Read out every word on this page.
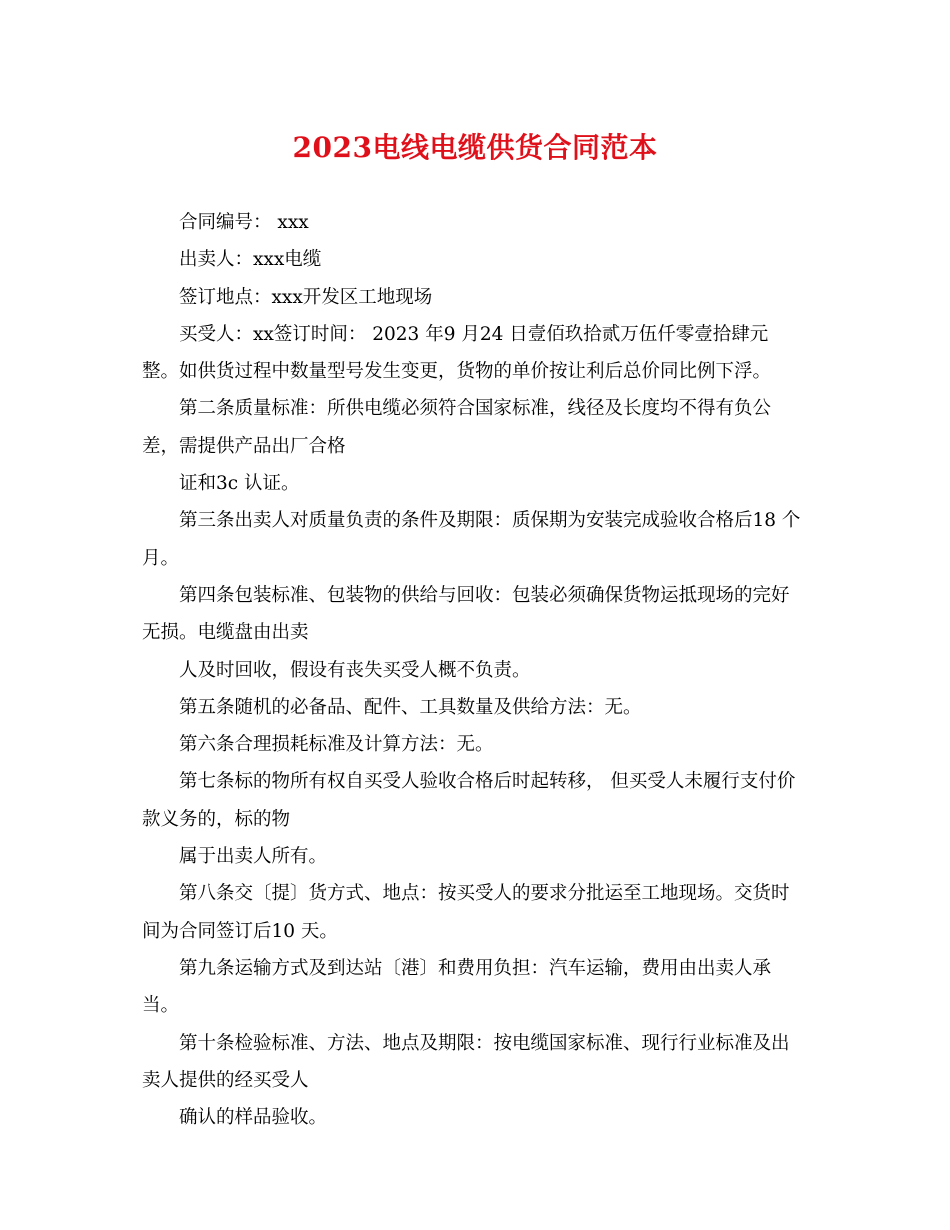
2023电线电缆供货合同范本
合同编号： xxx
出卖人：xxx电缆
签订地点：xxx开发区工地现场
买受人：xx签订时间： 2023 年9 月24 日壹佰玖拾贰万伍仟零壹拾肆元
整。如供货过程中数量型号发生变更，货物的单价按让利后总价同比例下浮。
第二条质量标准：所供电缆必须符合国家标准，线径及长度均不得有负公
差，需提供产品出厂合格
证和3c 认证。
第三条出卖人对质量负责的条件及期限：质保期为安装完成验收合格后18 个
月。
第四条包装标准、包装物的供给与回收：包装必须确保货物运抵现场的完好
无损。电缆盘由出卖
人及时回收，假设有丧失买受人概不负责。
第五条随机的必备品、配件、工具数量及供给方法：无。
第六条合理损耗标准及计算方法：无。
第七条标的物所有权自买受人验收合格后时起转移， 但买受人未履行支付价
款义务的，标的物
属于出卖人所有。
第八条交〔提〕货方式、地点：按买受人的要求分批运至工地现场。交货时
间为合同签订后10 天。
第九条运输方式及到达站〔港〕和费用负担：汽车运输，费用由出卖人承
当。
第十条检验标准、方法、地点及期限：按电缆国家标准、现行行业标准及出
卖人提供的经买受人
确认的样品验收。
